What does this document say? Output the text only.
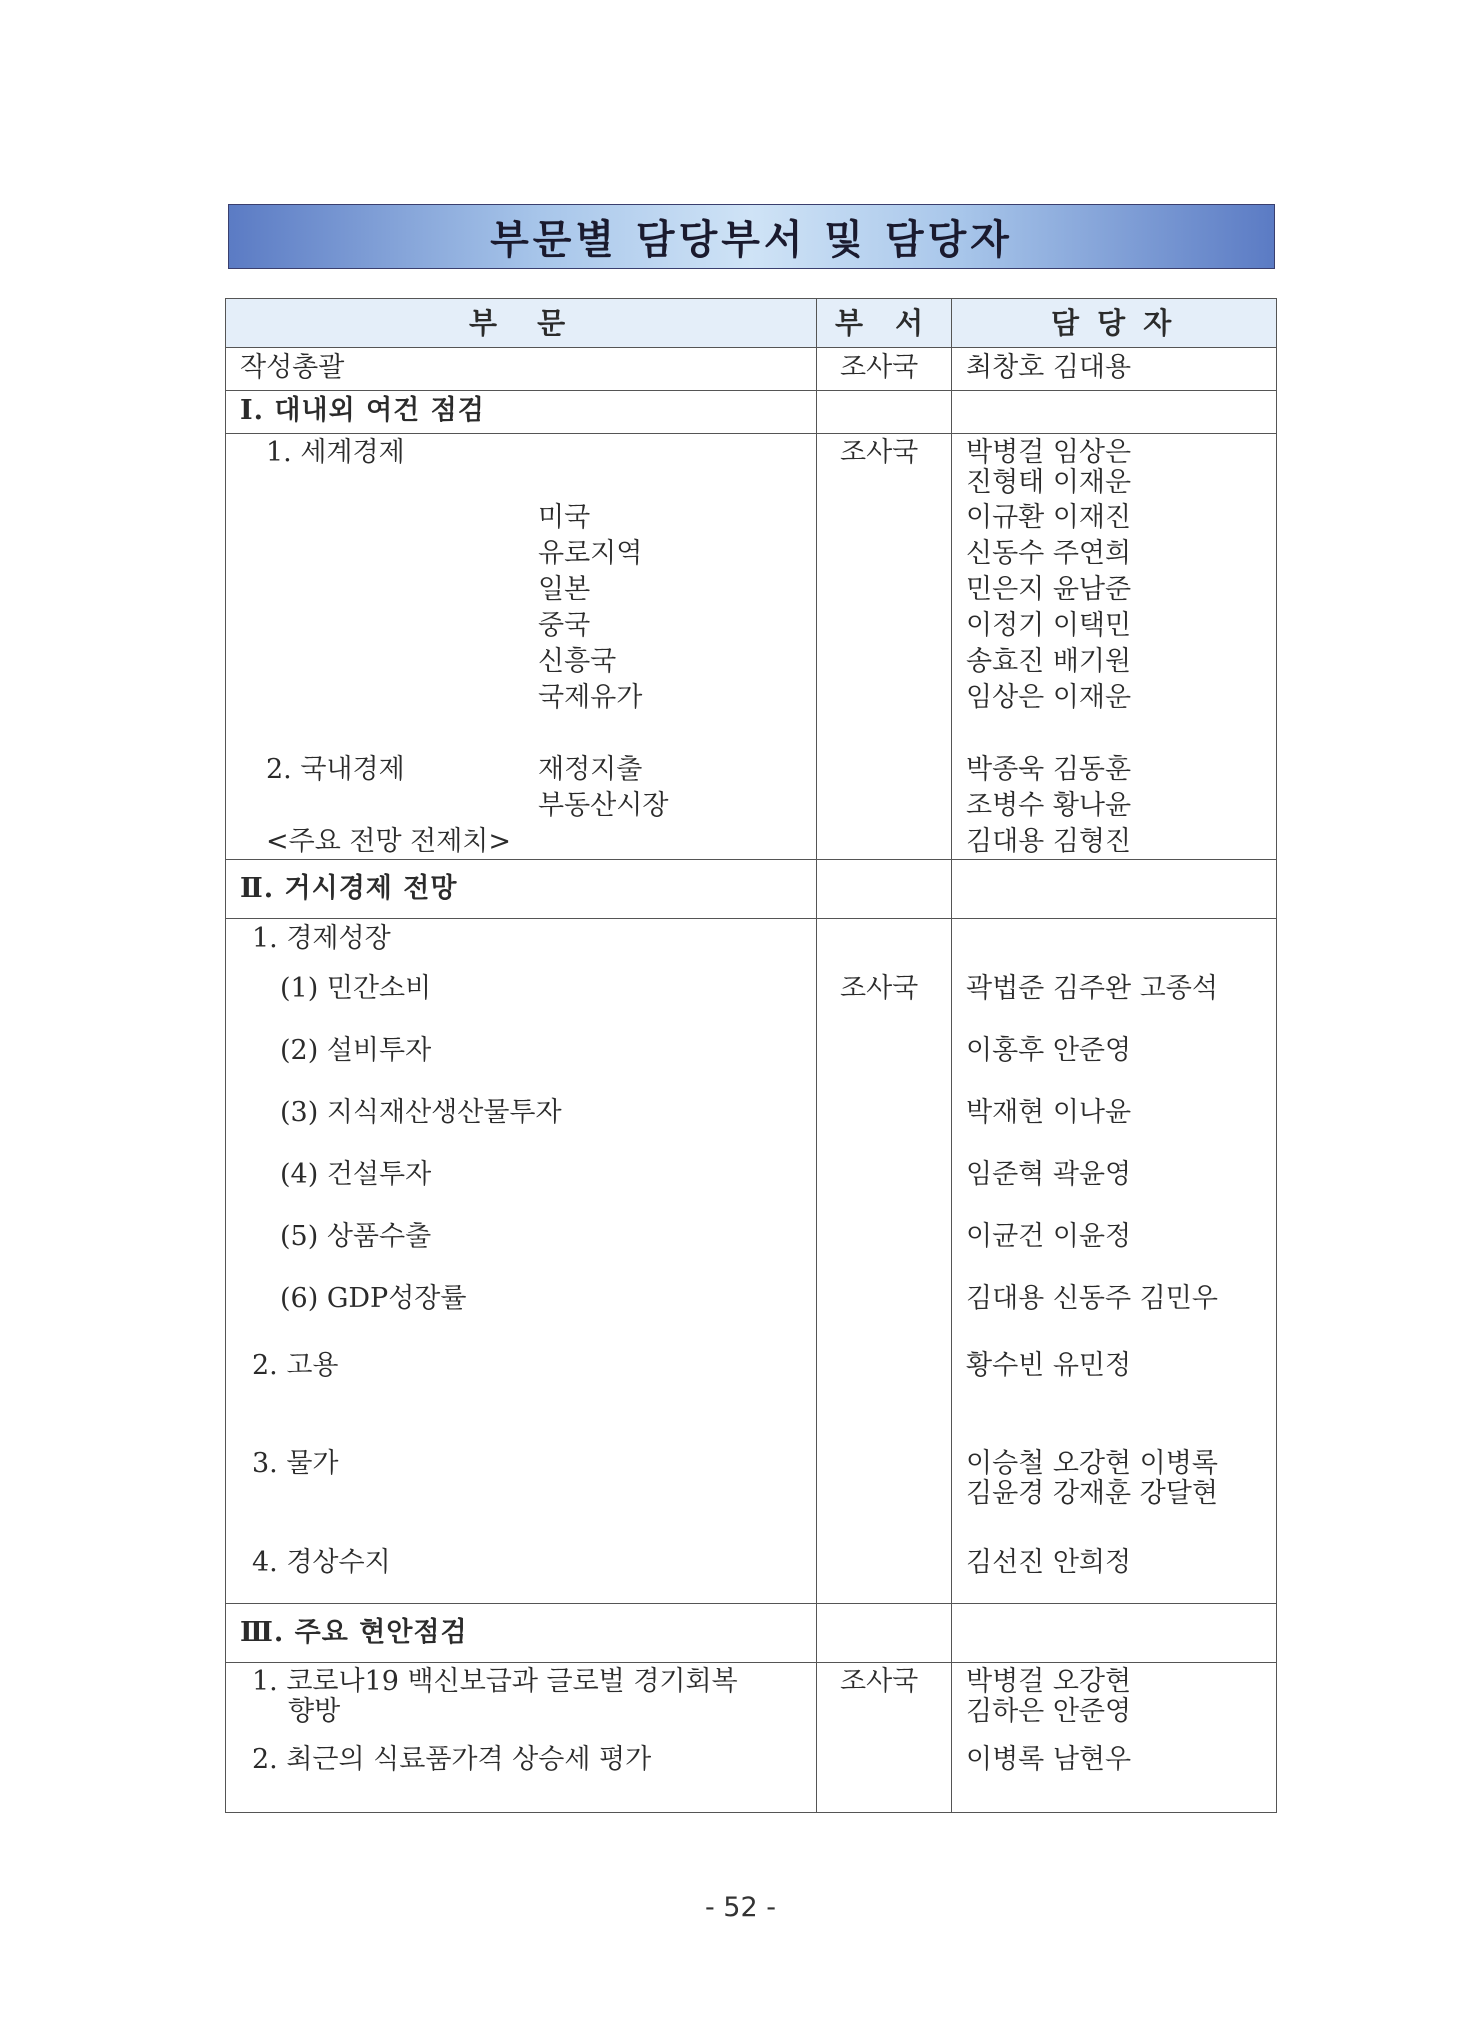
부문별 담당부서 및 담당자
부 문	부 서	담 당 자
작성총괄	조사국 최창호 김대용
Ⅰ. 대내외 여건 점검
1. 세계경제	조사국 박병걸 임상은
진형태 이재운
미국	이규환 이재진
유로지역	신동수 주연희
일본	민은지 윤남준
중국	이정기 이택민
신흥국	송효진 배기원
국제유가	임상은 이재운
2. 국내경제	재정지출	박종욱 김동훈
부동산시장	조병수 황나윤
<주요 전망 전제치>	김대용 김형진
Ⅱ. 거시경제 전망
1. 경제성장
조사국
(1) 민간소비	곽법준 김주완 고종석
(2) 설비투자	이홍후 안준영
(3) 지식재산생산물투자	박재현 이나윤
(4) 건설투자	임준혁 곽윤영
(5) 상품수출	이균건 이윤정
(6) GDP성장률	김대용 신동주 김민우
2. 고용	황수빈 유민정
3. 물가	이승철 오강현 이병록
김윤경 강재훈 강달현
4. 경상수지	김선진 안희정
Ⅲ. 주요 현안점검
1. 코로나19 백신보급과 글로벌 경기회복
향방
조사국 박병걸 오강현
김하은 안준영
2. 최근의 식료품가격 상승세 평가	이병록 남현우
- 52 -
